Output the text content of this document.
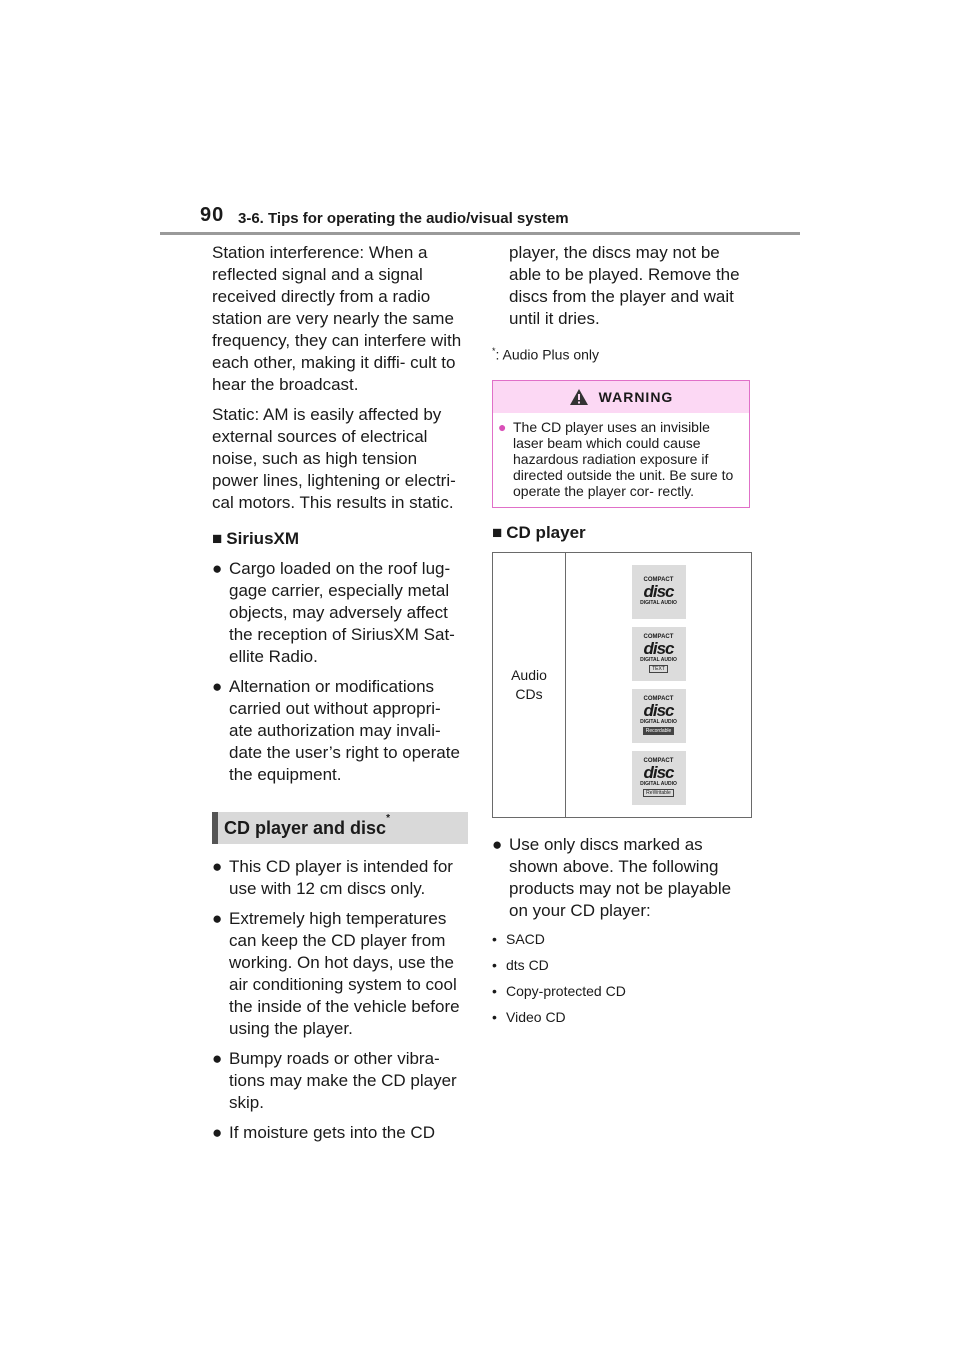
90 3-6. Tips for operating the audio/visual system

Station interference: When a reflected signal and a signal received directly from a radio station are very nearly the same frequency, they can interfere with each other, making it diffi- cult to hear the broadcast.

Static: AM is easily affected by external sources of electrical noise, such as high tension power lines, lightening or electri- cal motors. This results in static.

■ SiriusXM
● Cargo loaded on the roof lug- gage carrier, especially metal objects, may adversely affect the reception of SiriusXM Sat- ellite Radio.
● Alternation or modifications carried out without appropri- ate authorization may invali- date the user’s right to operate the equipment.
CD player and disc*
● This CD player is intended for use with 12 cm discs only.
● Extremely high temperatures can keep the CD player from working. On hot days, use the air conditioning system to cool the inside of the vehicle before using the player.
● Bumpy roads or other vibra- tions may make the CD player skip.
● If moisture gets into the CD

player, the discs may not be able to be played. Remove the discs from the player and wait until it dries.

*: Audio Plus only
WARNING
● The CD player uses an invisible laser beam which could cause hazardous radiation exposure if directed outside the unit. Be sure to operate the player cor- rectly.
■ CD player
Audio
CDs
COMPACT
disc
DIGITAL AUDIO
COMPACT
disc
DIGITAL AUDIO
TEXT
COMPACT
disc
DIGITAL AUDIO
Recordable
COMPACT
disc
DIGITAL AUDIO
ReWritable
● Use only discs marked as shown above. The following products may not be playable on your CD player:
• SACD
• dts CD
• Copy-protected CD
• Video CD
